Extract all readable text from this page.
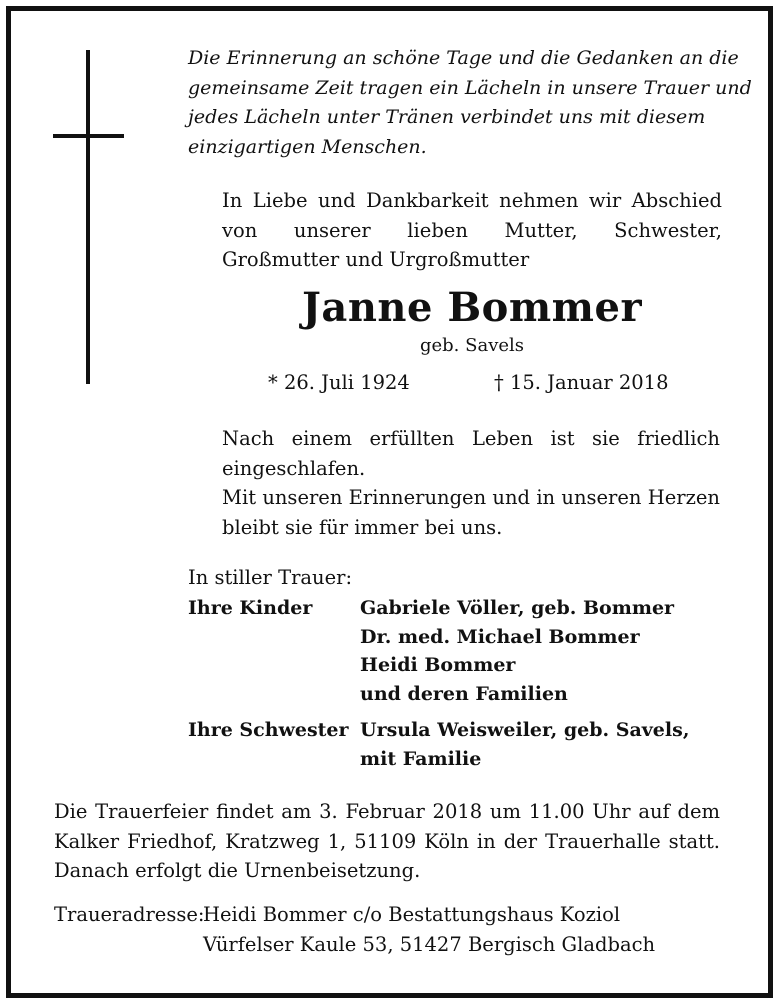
Die Erinnerung an schöne Tage und die Gedanken an die
gemeinsame Zeit tragen ein Lächeln in unsere Trauer und
jedes Lächeln unter Tränen verbindet uns mit diesem
einzigartigen Menschen.
In Liebe und Dankbarkeit nehmen wir Abschied von unserer lieben Mutter, Schwester, Großmutter und Urgroßmutter
Janne Bommer
geb. Savels
* 26. Juli 1924	† 15. Januar 2018
Nach einem erfüllten Leben ist sie friedlich
eingeschlafen.
Mit unseren Erinnerungen und in unseren Herzen
bleibt sie für immer bei uns.
In stiller Trauer:
Ihre Kinder	Gabriele Völler, geb. Bommer
Dr. med. Michael Bommer
Heidi Bommer
und deren Familien
Ihre Schwester Ursula Weisweiler, geb. Savels,
mit Familie
Die Trauerfeier findet am 3. Februar 2018 um 11.00 Uhr auf dem
Kalker Friedhof, Kratzweg 1, 51109 Köln in der Trauerhalle statt.
Danach erfolgt die Urnenbeisetzung.
Traueradresse:
Heidi Bommer c/o Bestattungshaus Koziol
Vürfelser Kaule 53, 51427 Bergisch Gladbach
